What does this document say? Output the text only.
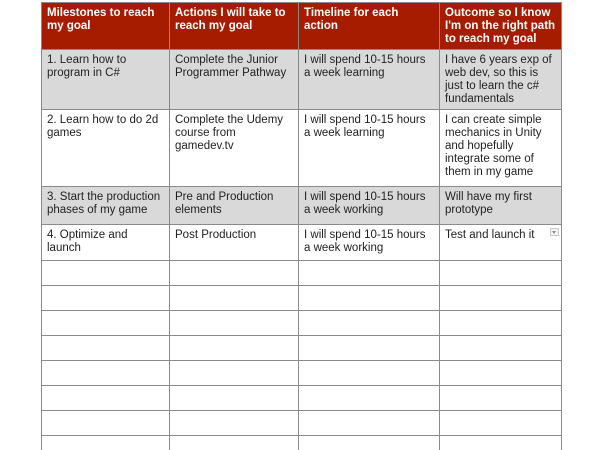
Milestones to reach my goal	Actions I will take to reach my goal	Timeline for each action	Outcome so I know I'm on the right path to reach my goal
1. Learn how to program in C#	Complete the Junior Programmer Pathway	I will spend 10-15 hours a week learning	I have 6 years exp of web dev, so this is just to learn the c# fundamentals
2. Learn how to do 2d games	Complete the Udemy course from gamedev.tv	I will spend 10-15 hours a week learning	I can create simple mechanics in Unity and hopefully integrate some of them in my game
3. Start the production phases of my game	Pre and Production elements	I will spend 10-15 hours a week working	Will have my first prototype
4. Optimize and launch	Post Production	I will spend 10-15 hours a week working	Test and launch it
